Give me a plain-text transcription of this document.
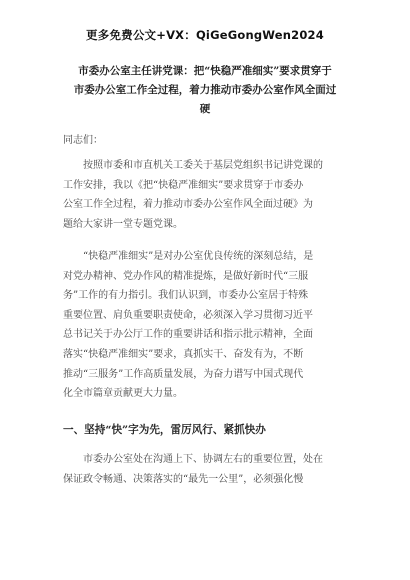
更多免费公文+VX：QiGeGongWen2024
市委办公室主任讲党课：把“快稳严准细实”要求贯穿于
市委办公室工作全过程，着力推动市委办公室作风全面过
硬
同志们：
　　按照市委和市直机关工委关于基层党组织书记讲党课的
工作安排，我以《把“快稳严准细实”要求贯穿于市委办
公室工作全过程，着力推动市委办公室作风全面过硬》为
题给大家讲一堂专题党课。
　　“快稳严准细实”是对办公室优良传统的深刻总结，是
对党办精神、党办作风的精准提炼，是做好新时代“三服
务”工作的有力指引。我们认识到，市委办公室居于特殊
重要位置、肩负重要职责使命，必须深入学习贯彻习近平
总书记关于办公厅工作的重要讲话和指示批示精神，全面
落实“快稳严准细实”要求，真抓实干、奋发有为，不断
推动“三服务”工作高质量发展，为奋力谱写中国式现代
化全市篇章贡献更大力量。
一、坚持“快”字为先，雷厉风行、紧抓快办
　　市委办公室处在沟通上下、协调左右的重要位置，处在
保证政令畅通、决策落实的“最先一公里”，必须强化慢
